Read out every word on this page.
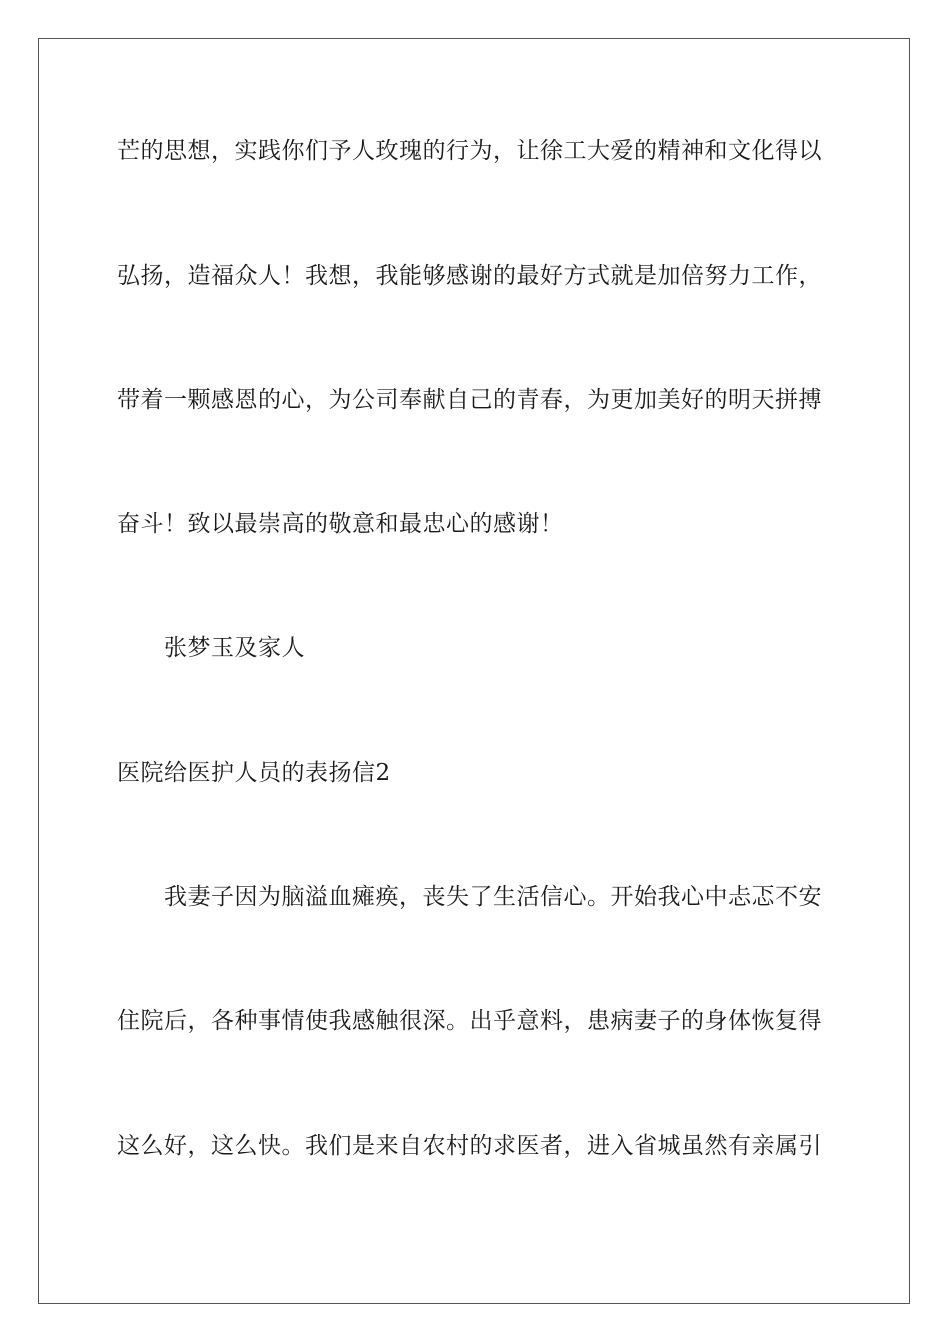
芒的思想，实践你们予人玫瑰的行为，让徐工大爱的精神和文化得以
弘扬，造福众人！我想，我能够感谢的最好方式就是加倍努力工作，
带着一颗感恩的心，为公司奉献自己的青春，为更加美好的明天拼搏
奋斗！致以最崇高的敬意和最忠心的感谢！
张梦玉及家人
医院给医护人员的表扬信2
我妻子因为脑溢血瘫痪，丧失了生活信心。开始我心中忐忑不安
住院后，各种事情使我感触很深。出乎意料，患病妻子的身体恢复得
这么好，这么快。我们是来自农村的求医者，进入省城虽然有亲属引
